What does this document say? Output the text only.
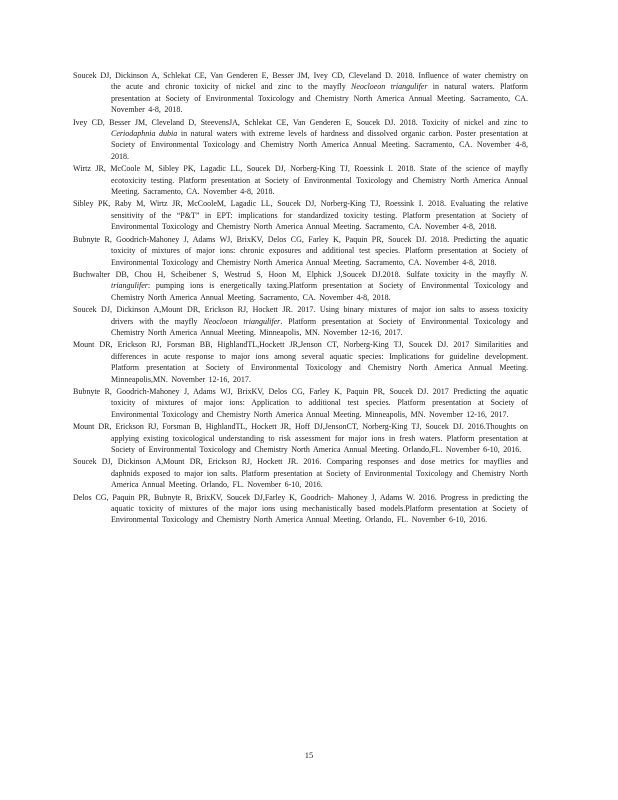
Soucek DJ, Dickinson A, Schlekat CE, Van Genderen E, Besser JM, Ivey CD, Cleveland D. 2018. Influence of water chemistry on the acute and chronic toxicity of nickel and zinc to the mayfly Neocloeon triangulifer in natural waters. Platform presentation at Society of Environmental Toxicology and Chemistry North America Annual Meeting. Sacramento, CA. November 4-8, 2018.

Ivey CD, Besser JM, Cleveland D, SteevensJA, Schlekat CE, Van Genderen E, Soucek DJ. 2018. Toxicity of nickel and zinc to Ceriodaphnia dubia in natural waters with extreme levels of hardness and dissolved organic carbon. Poster presentation at Society of Environmental Toxicology and Chemistry North America Annual Meeting. Sacramento, CA. November 4-8, 2018.

Wirtz JR, McCoole M, Sibley PK, Lagadic LL, Soucek DJ, Norberg-King TJ, Roessink I. 2018. State of the science of mayfly ecotoxicity testing. Platform presentation at Society of Environmental Toxicology and Chemistry North America Annual Meeting. Sacramento, CA. November 4-8, 2018.

Sibley PK, Raby M, Wirtz JR, McCooleM, Lagadic LL, Soucek DJ, Norberg-King TJ, Roessink I. 2018. Evaluating the relative sensitivity of the “P&T” in EPT: implications for standardized toxicity testing. Platform presentation at Society of Environmental Toxicology and Chemistry North America Annual Meeting. Sacramento, CA. November 4-8, 2018.

Bubnyte R, Goodrich-Mahoney J, Adams WJ, BrixKV, Delos CG, Farley K, Paquin PR, Soucek DJ. 2018. Predicting the aquatic toxicity of mixtures of major ions: chronic exposures and additional test species. Platform presentation at Society of Environmental Toxicology and Chemistry North America Annual Meeting. Sacramento, CA. November 4-8, 2018.

Buchwalter DB, Chou H, Scheibener S, Westrud S, Hoon M, Elphick J,Soucek DJ.2018. Sulfate toxicity in the mayfly N. triangulifer: pumping ions is energetically taxing.Platform presentation at Society of Environmental Toxicology and Chemistry North America Annual Meeting. Sacramento, CA. November 4-8, 2018.

Soucek DJ, Dickinson A,Mount DR, Erickson RJ, Hockett JR. 2017. Using binary mixtures of major ion salts to assess toxicity drivers with the mayfly Neocloeon triangulifer. Platform presentation at Society of Environmental Toxicology and Chemistry North America Annual Meeting. Minneapolis, MN. November 12-16, 2017.

Mount DR, Erickson RJ, Forsman BB, HighlandTL,Hockett JR,Jenson CT, Norberg-King TJ, Soucek DJ. 2017 Similarities and differences in acute response to major ions among several aquatic species: Implications for guideline development. Platform presentation at Society of Environmental Toxicology and Chemistry North America Annual Meeting. Minneapolis,MN. November 12-16, 2017.

Bubnyte R, Goodrich-Mahoney J, Adams WJ, BrixKV, Delos CG, Farley K, Paquin PR, Soucek DJ. 2017 Predicting the aquatic toxicity of mixtures of major ions: Application to additional test species. Platform presentation at Society of Environmental Toxicology and Chemistry North America Annual Meeting. Minneapolis, MN. November 12-16, 2017.

Mount DR, Erickson RJ, Forsman B, HighlandTL, Hockett JR, Hoff DJ,JensonCT, Norberg-King TJ, Soucek DJ. 2016.Thoughts on applying existing toxicological understanding to risk assessment for major ions in fresh waters. Platform presentation at Society of Environmental Toxicology and Chemistry North America Annual Meeting. Orlando,FL. November 6-10, 2016.

Soucek DJ, Dickinson A,Mount DR, Erickson RJ, Hockett JR. 2016. Comparing responses and dose metrics for mayflies and daphnids exposed to major ion salts. Platform presentation at Society of Environmental Toxicology and Chemistry North America Annual Meeting. Orlando, FL. November 6-10, 2016.

Delos CG, Paquin PR, Bubnyte R, BrixKV, Soucek DJ,Farley K, Goodrich- Mahoney J, Adams W. 2016. Progress in predicting the aquatic toxicity of mixtures of the major ions using mechanistically based models.Platform presentation at Society of Environmental Toxicology and Chemistry North America Annual Meeting. Orlando, FL. November 6-10, 2016.

15
